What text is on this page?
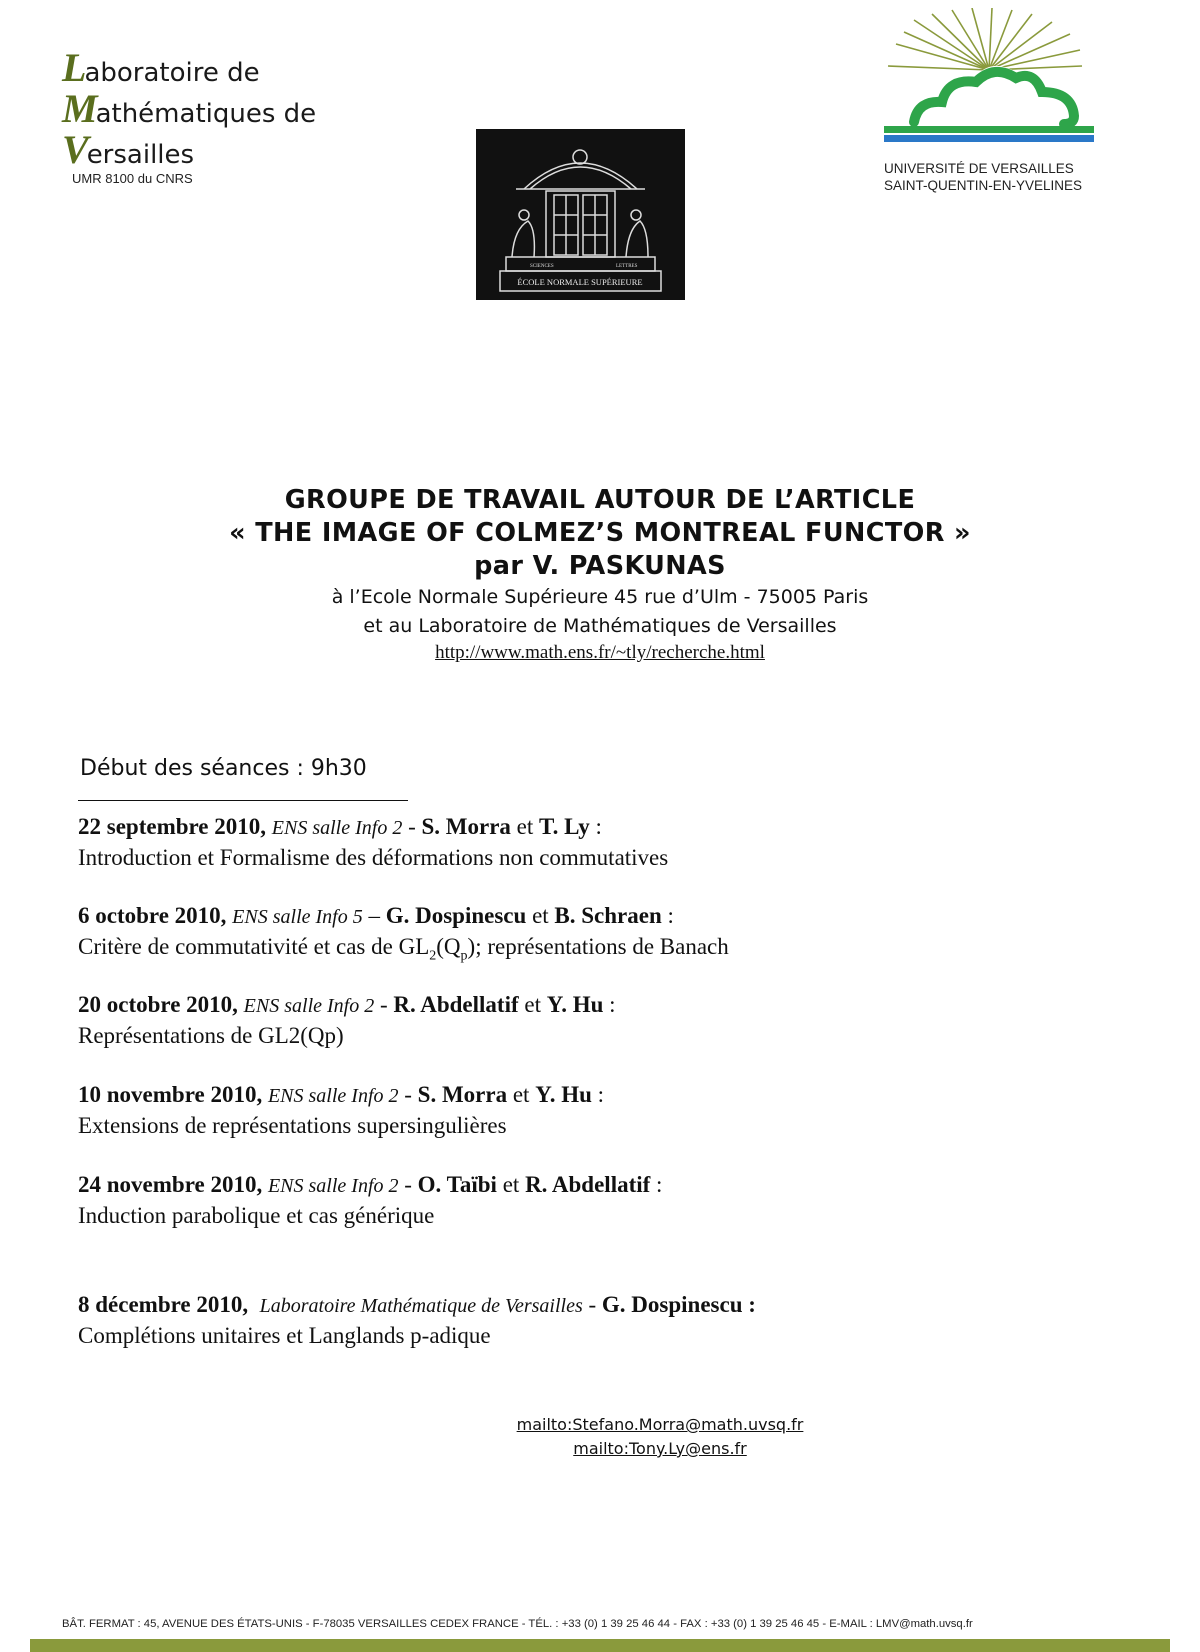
Laboratoire de
Mathématiques de
Versailles
UMR 8100 du CNRS
SCIENCES	LETTRES
ÉCOLE NORMALE SUPÉRIEURE
UNIVERSITÉ DE VERSAILLES
SAINT-QUENTIN-EN-YVELINES
GROUPE DE TRAVAIL AUTOUR DE L’ARTICLE
« THE IMAGE OF COLMEZ’S MONTREAL FUNCTOR »
par V. PASKUNAS
à l’Ecole Normale Supérieure 45 rue d’Ulm - 75005 Paris
et au Laboratoire de Mathématiques de Versailles
http://www.math.ens.fr/~tly/recherche.html
Début des séances : 9h30
22 septembre 2010, ENS salle Info 2 - S. Morra et T. Ly :
Introduction et Formalisme des déformations non commutatives
6 octobre 2010, ENS salle Info 5 – G. Dospinescu et B. Schraen :
Critère de commutativité et cas de $GL_2(Q_p)$; représentations de Banach
20 octobre 2010, ENS salle Info 2 - R. Abdellatif et Y. Hu :
Représentations de GL2(Qp)
10 novembre 2010, ENS salle Info 2 - S. Morra et Y. Hu :
Extensions de représentations supersingulières
24 novembre 2010, ENS salle Info 2 - O. Taïbi et R. Abdellatif :
Induction parabolique et cas générique
8 décembre 2010, Laboratoire Mathématique de Versailles - G. Dospinescu :
Complétions unitaires et Langlands p-adique
mailto:Stefano.Morra@math.uvsq.fr
mailto:Tony.Ly@ens.fr
BÂT. FERMAT : 45, AVENUE DES ÉTATS-UNIS - F-78035 VERSAILLES CEDEX FRANCE - TÉL. : +33 (0) 1 39 25 46 44 - FAX : +33 (0) 1 39 25 46 45 - E-MAIL : LMV@math.uvsq.fr
